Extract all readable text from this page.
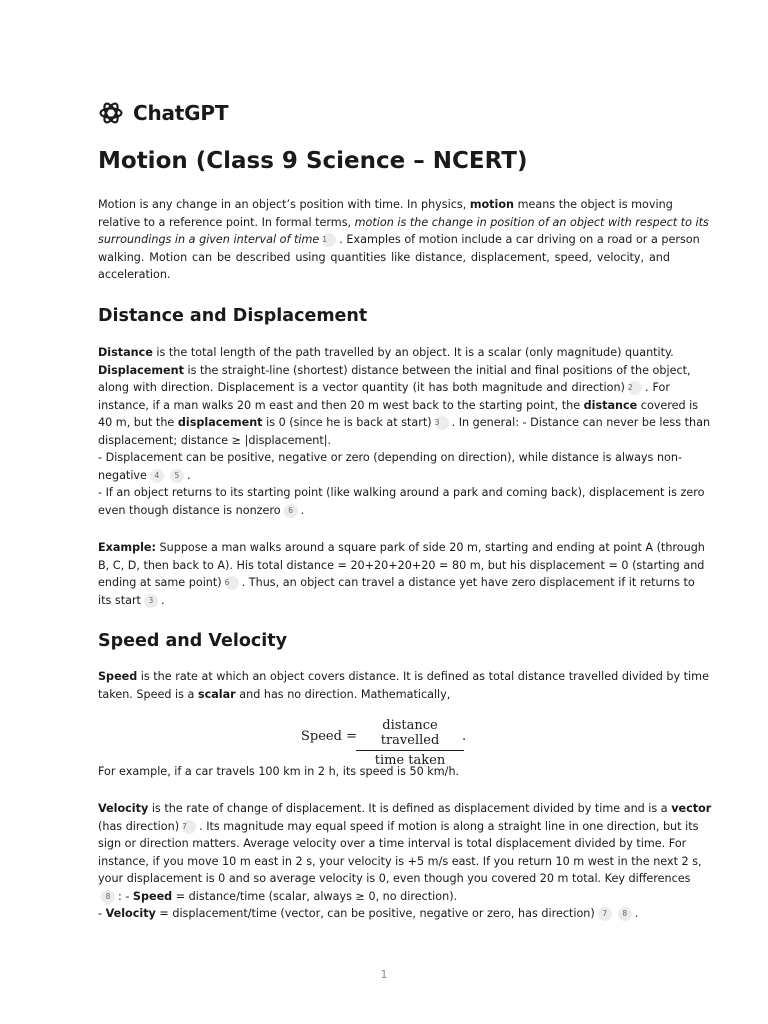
ChatGPT
Motion (Class 9 Science – NCERT)
Motion is any change in an object’s position with time. In physics, motion means the object is moving
relative to a reference point. In formal terms, motion is the change in position of an object with respect to its
surroundings in a given interval of time 1 . Examples of motion include a car driving on a road or a person
walking. Motion can be described using quantities like distance, displacement, speed, velocity, and
acceleration.
Distance and Displacement
Distance is the total length of the path travelled by an object. It is a scalar (only magnitude) quantity.
Displacement is the straight-line (shortest) distance between the initial and final positions of the object,
along with direction. Displacement is a vector quantity (it has both magnitude and direction) 2 . For
instance, if a man walks 20 m east and then 20 m west back to the starting point, the distance covered is
40 m, but the displacement is 0 (since he is back at start) 3 . In general: - Distance can never be less than
displacement; distance ≥ |displacement|.
- Displacement can be positive, negative or zero (depending on direction), while distance is always non-
negative 4 5 .
- If an object returns to its starting point (like walking around a park and coming back), displacement is zero
even though distance is nonzero 6 .
Example: Suppose a man walks around a square park of side 20 m, starting and ending at point A (through
B, C, D, then back to A). His total distance = 20+20+20+20 = 80 m, but his displacement = 0 (starting and
ending at same point) 6 . Thus, an object can travel a distance yet have zero displacement if it returns to
its start 3 .
Speed and Velocity
Speed is the rate at which an object covers distance. It is defined as total distance travelled divided by time
taken. Speed is a scalar and has no direction. Mathematically,
Speed =
distance travelled
time taken
.
For example, if a car travels 100 km in 2 h, its speed is 50 km/h.
Velocity is the rate of change of displacement. It is defined as displacement divided by time and is a vector
(has direction) 7 . Its magnitude may equal speed if motion is along a straight line in one direction, but its
sign or direction matters. Average velocity over a time interval is total displacement divided by time. For
instance, if you move 10 m east in 2 s, your velocity is +5 m/s east. If you return 10 m west in the next 2 s,
your displacement is 0 and so average velocity is 0, even though you covered 20 m total. Key differences
8 : - Speed = distance/time (scalar, always ≥ 0, no direction).
- Velocity = displacement/time (vector, can be positive, negative or zero, has direction) 7 8 .
1
